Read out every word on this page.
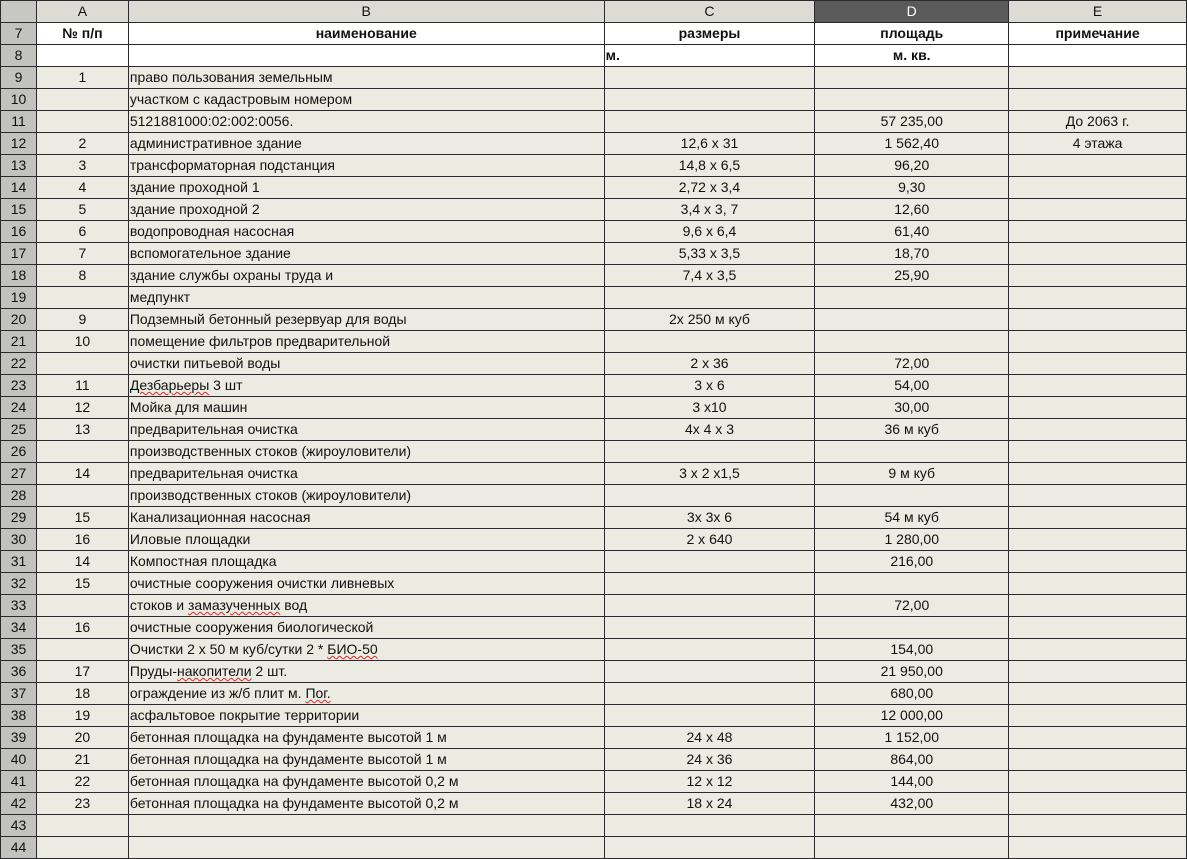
	A	B	C	D	E
7	№ п/п	наименование	размеры	площадь	примечание
8			м.	м. кв.	
9	1	право пользования земельным			
10		участком с кадастровым номером			
11		5121881000:02:002:0056.		57 235,00	До 2063 г.
12	2	административное здание	12,6 х 31	1 562,40	4 этажа
13	3	трансформаторная подстанция	14,8 х 6,5	96,20	
14	4	здание проходной 1	2,72 х 3,4	9,30	
15	5	здание проходной 2	3,4 х 3, 7	12,60	
16	6	водопроводная насосная	9,6 х 6,4	61,40	
17	7	вспомогательное здание	5,33 х 3,5	18,70	
18	8	здание службы охраны труда и	7,4 х 3,5	25,90	
19		медпункт			
20	9	Подземный бетонный резервуар для воды	2х 250 м куб		
21	10	помещение фильтров предварительной			
22		очистки питьевой воды	2 х 36	72,00	
23	11	Дезбарьеры 3 шт	3 х 6	54,00	
24	12	Мойка для машин	3 х10	30,00	
25	13	предварительная очистка	4х 4 х 3	36 м куб	
26		производственных стоков (жироуловители)			
27	14	предварительная очистка	3 х 2 х1,5	9 м куб	
28		производственных стоков (жироуловители)			
29	15	Канализационная насосная	3х 3х 6	54 м куб	
30	16	Иловые площадки	2 х 640	1 280,00	
31	14	Компостная площадка		216,00	
32	15	очистные сооружения очистки ливневых			
33		стоков и замазученных вод		72,00	
34	16	очистные сооружения биологической			
35		Очистки 2 х 50 м куб/сутки 2 * БИО-50		154,00	
36	17	Пруды-накопители 2 шт.		21 950,00	
37	18	ограждение из ж/б плит м. Пог.		680,00	
38	19	асфальтовое покрытие территории		12 000,00	
39	20	бетонная площадка на фундаменте высотой 1 м	24 х 48	1 152,00	
40	21	бетонная площадка на фундаменте высотой 1 м	24 х 36	864,00	
41	22	бетонная площадка на фундаменте высотой 0,2 м	12 х 12	144,00	
42	23	бетонная площадка на фундаменте высотой 0,2 м	18 х 24	432,00	
43					
44					
